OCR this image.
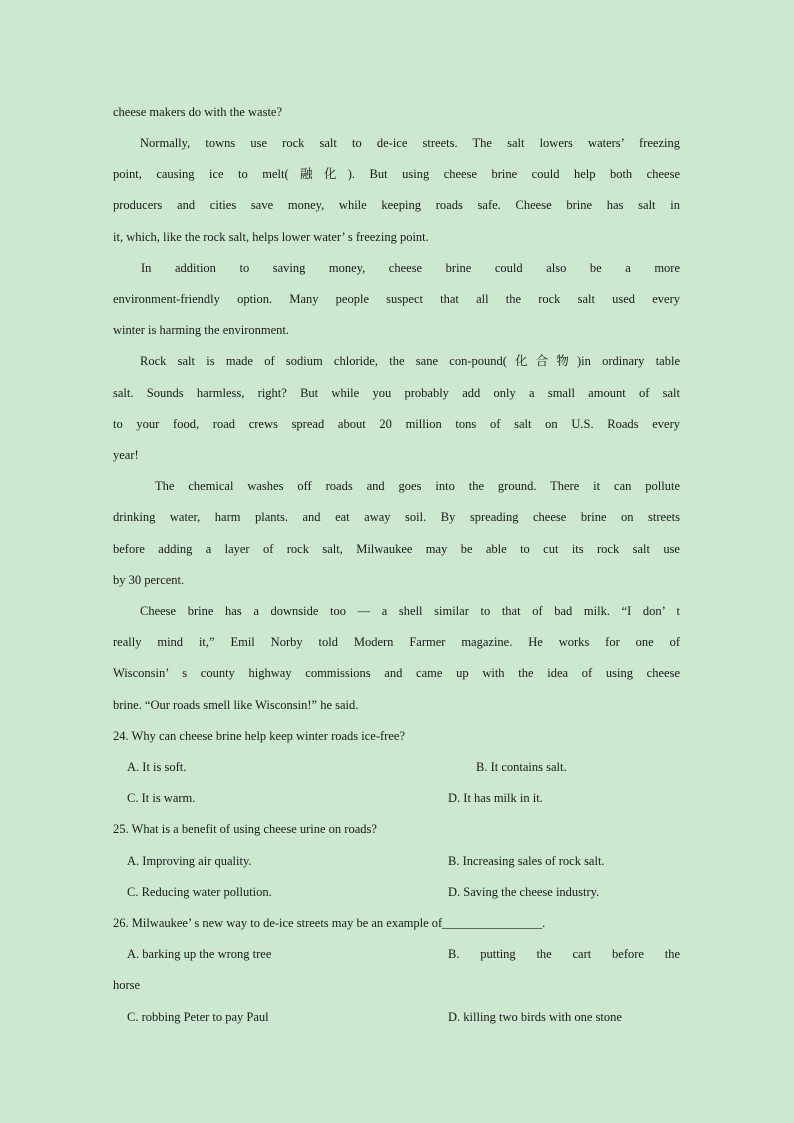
cheese makers do with the waste?
Normally, towns use rock salt to de-ice streets. The salt lowers waters’ freezing
point, causing ice to melt(融化). But using cheese brine could help both cheese
producers and cities save money, while keeping roads safe. Cheese brine has salt in
it, which, like the rock salt, helps lower water’ s freezing point.
In addition to saving money, cheese brine could also be a more
environment-friendly option. Many people suspect that all the rock salt used every
winter is harming the environment.
Rock salt is made of sodium chloride, the sane con-pound(化合物)in ordinary table
salt. Sounds harmless, right? But while you probably add only a small amount of salt
to your food, road crews spread about 20 million tons of salt on U.S. Roads every
year!
The chemical washes off roads and goes into the ground. There it can pollute
drinking water, harm plants. and eat away soil. By spreading cheese brine on streets
before adding a layer of rock salt, Milwaukee may be able to cut its rock salt use
by 30 percent.
Cheese brine has a downside too — a shell similar to that of bad milk. “I don’ t
really mind it,” Emil Norby told Modern Farmer magazine. He works for one of
Wisconsin’ s county highway commissions and came up with the idea of using cheese
brine. “Our roads smell like Wisconsin!” he said.
24. Why can cheese brine help keep winter roads ice-free?
A. It is soft.	B. It contains salt.
C. It is warm.	D. It has milk in it.
25. What is a benefit of using cheese urine on roads?
A. Improving air quality.	B. Increasing sales of rock salt.
C. Reducing water pollution.	D. Saving the cheese industry.
26. Milwaukee’ s new way to de-ice streets may be an example of________________.
A. barking up the wrong tree	B. putting the cart before the
horse
C. robbing Peter to pay Paul	D. killing two birds with one stone
